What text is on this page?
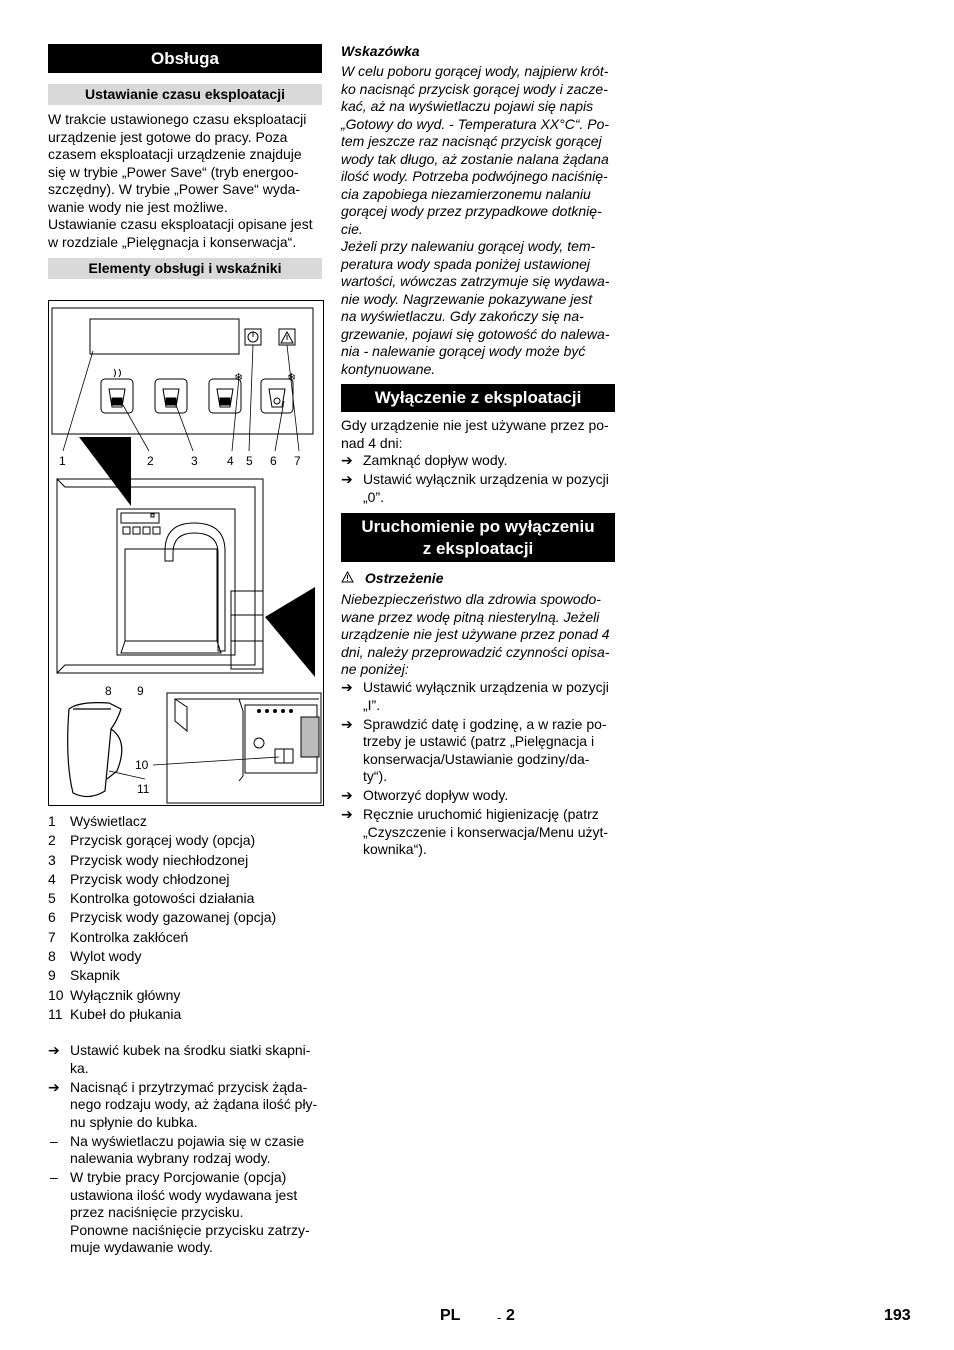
Obsługa
Ustawianie czasu eksploatacji
W trakcie ustawionego czasu eksploatacji
urządzenie jest gotowe do pracy. Poza
czasem eksploatacji urządzenie znajduje
się w trybie „Power Save“ (tryb energoo-
szczędny). W trybie „Power Save“ wyda-
wanie wody nie jest możliwe.
Ustawianie czasu eksploatacji opisane jest
w rozdziale „Pielęgnacja i konserwacja“.
Elementy obsługi i wskaźniki
❄	❄
1	2	3 4 5 6 7
8 9
10
11
1 Wyświetlacz
2 Przycisk gorącej wody (opcja)
3 Przycisk wody niechłodzonej
4 Przycisk wody chłodzonej
5 Kontrolka gotowości działania
6 Przycisk wody gazowanej (opcja)
7 Kontrolka zakłóceń
8 Wylot wody
9 Skapnik
10 Wyłącznik główny
11 Kubeł do płukania
➔ Ustawić kubek na środku siatki skapni-
ka.
➔ Nacisnąć i przytrzymać przycisk żąda-
nego rodzaju wody, aż żądana ilość pły-
nu spłynie do kubka.
– Na wyświetlaczu pojawia się w czasie
nalewania wybrany rodzaj wody.
– W trybie pracy Porcjowanie (opcja)
ustawiona ilość wody wydawana jest
przez naciśnięcie przycisku.
Ponowne naciśnięcie przycisku zatrzy-
muje wydawanie wody.
Wskazówka
W celu poboru gorącej wody, najpierw krót-
ko nacisnąć przycisk gorącej wody i zacze-
kać, aż na wyświetlaczu pojawi się napis
„Gotowy do wyd. - Temperatura XX°C“. Po-
tem jeszcze raz nacisnąć przycisk gorącej
wody tak długo, aż zostanie nalana żądana
ilość wody. Potrzeba podwójnego naciśnię-
cia zapobiega niezamierzonemu nalaniu
gorącej wody przez przypadkowe dotknię-
cie.
Jeżeli przy nalewaniu gorącej wody, tem-
peratura wody spada poniżej ustawionej
wartości, wówczas zatrzymuje się wydawa-
nie wody. Nagrzewanie pokazywane jest
na wyświetlaczu. Gdy zakończy się na-
grzewanie, pojawi się gotowość do nalewa-
nia - nalewanie gorącej wody może być
kontynuowane.
Wyłączenie z eksploatacji
Gdy urządzenie nie jest używane przez po-
nad 4 dni:
➔ Zamknąć dopływ wody.
➔ Ustawić wyłącznik urządzenia w pozycji
„0”.
Uruchomienie po wyłączeniu
z eksploatacji
Ostrzeżenie
Niebezpieczeństwo dla zdrowia spowodo-
wane przez wodę pitną niesterylną. Jeżeli
urządzenie nie jest używane przez ponad 4
dni, należy przeprowadzić czynności opisa-
ne poniżej:
➔ Ustawić wyłącznik urządzenia w pozycji
„I”.
➔ Sprawdzić datę i godzinę, a w razie po-
trzeby je ustawić (patrz „Pielęgnacja i
konserwacja/Ustawianie godziny/da-
ty“).
➔ Otworzyć dopływ wody.
➔ Ręcznie uruchomić higienizację (patrz
„Czyszczenie i konserwacja/Menu użyt-
kownika“).
PL	- 2	193
